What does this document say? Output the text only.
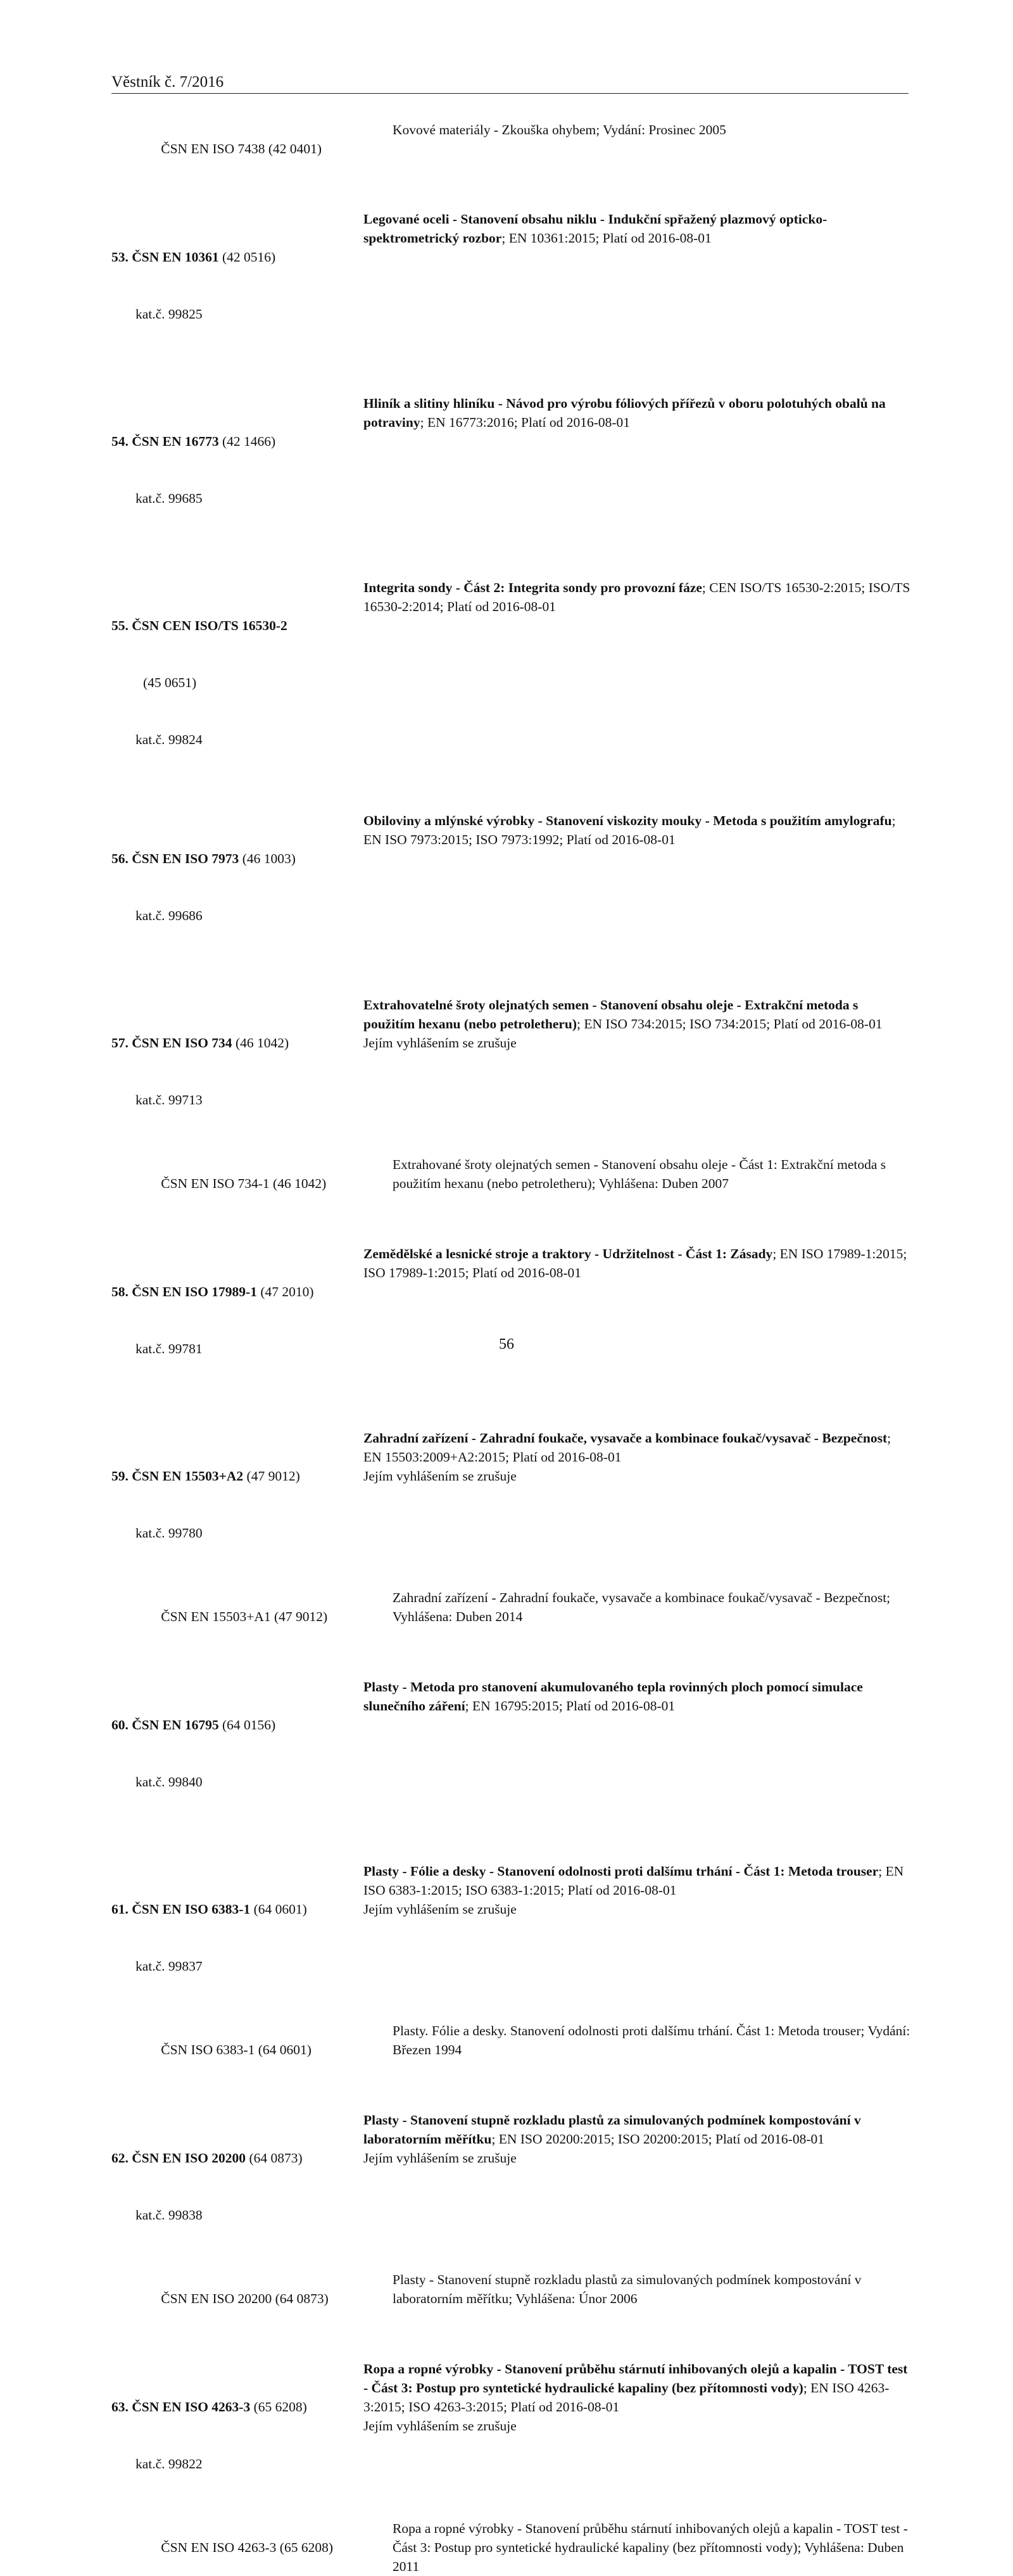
Věstník č. 7/2016

ČSN EN ISO 7438 (42 0401)

Kovové materiály - Zkouška ohybem; Vydání: Prosinec 2005

53. ČSN EN 10361 (42 0516)

kat.č. 99825

Legované oceli - Stanovení obsahu niklu - Indukční spřažený plazmový opticko-spektrometrický rozbor; EN 10361:2015; Platí od 2016-08-01

54. ČSN EN 16773 (42 1466)

kat.č. 99685

Hliník a slitiny hliníku - Návod pro výrobu fóliových přířezů v oboru polotuhých obalů na potraviny; EN 16773:2016; Platí od 2016-08-01

55. ČSN CEN ISO/TS 16530-2

(45 0651)

kat.č. 99824

Integrita sondy - Část 2: Integrita sondy pro provozní fáze; CEN ISO/TS 16530-2:2015; ISO/TS 16530-2:2014; Platí od 2016-08-01

56. ČSN EN ISO 7973 (46 1003)

kat.č. 99686

Obiloviny a mlýnské výrobky - Stanovení viskozity mouky - Metoda s použitím amylografu; EN ISO 7973:2015; ISO 7973:1992; Platí od 2016-08-01

57. ČSN EN ISO 734 (46 1042)

kat.č. 99713

Extrahovatelné šroty olejnatých semen - Stanovení obsahu oleje - Extrakční metoda s použitím hexanu (nebo petroletheru); EN ISO 734:2015; ISO 734:2015; Platí od 2016-08-01
Jejím vyhlášením se zrušuje

ČSN EN ISO 734-1 (46 1042)

Extrahované šroty olejnatých semen - Stanovení obsahu oleje - Část 1: Extrakční metoda s použitím hexanu (nebo petroletheru); Vyhlášena: Duben 2007

58. ČSN EN ISO 17989-1 (47 2010)

kat.č. 99781

Zemědělské a lesnické stroje a traktory - Udržitelnost - Část 1: Zásady; EN ISO 17989-1:2015; ISO 17989-1:2015; Platí od 2016-08-01

59. ČSN EN 15503+A2 (47 9012)

kat.č. 99780

Zahradní zařízení - Zahradní foukače, vysavače a kombinace foukač/vysavač - Bezpečnost; EN 15503:2009+A2:2015; Platí od 2016-08-01
Jejím vyhlášením se zrušuje

ČSN EN 15503+A1 (47 9012)

Zahradní zařízení - Zahradní foukače, vysavače a kombinace foukač/vysavač - Bezpečnost; Vyhlášena: Duben 2014

60. ČSN EN 16795 (64 0156)

kat.č. 99840

Plasty - Metoda pro stanovení akumulovaného tepla rovinných ploch pomocí simulace slunečního záření; EN 16795:2015; Platí od 2016-08-01

61. ČSN EN ISO 6383-1 (64 0601)

kat.č. 99837

Plasty - Fólie a desky - Stanovení odolnosti proti dalšímu trhání - Část 1: Metoda trouser; EN ISO 6383-1:2015; ISO 6383-1:2015; Platí od 2016-08-01
Jejím vyhlášením se zrušuje

ČSN ISO 6383-1 (64 0601)

Plasty. Fólie a desky. Stanovení odolnosti proti dalšímu trhání. Část 1: Metoda trouser; Vydání: Březen 1994

62. ČSN EN ISO 20200 (64 0873)

kat.č. 99838

Plasty - Stanovení stupně rozkladu plastů za simulovaných podmínek kompostování v laboratorním měřítku; EN ISO 20200:2015; ISO 20200:2015; Platí od 2016-08-01
Jejím vyhlášením se zrušuje

ČSN EN ISO 20200 (64 0873)

Plasty - Stanovení stupně rozkladu plastů za simulovaných podmínek kompostování v laboratorním měřítku; Vyhlášena: Únor 2006

63. ČSN EN ISO 4263-3 (65 6208)

kat.č. 99822

Ropa a ropné výrobky - Stanovení průběhu stárnutí inhibovaných olejů a kapalin - TOST test - Část 3: Postup pro syntetické hydraulické kapaliny (bez přítomnosti vody); EN ISO 4263-3:2015; ISO 4263-3:2015; Platí od 2016-08-01
Jejím vyhlášením se zrušuje

ČSN EN ISO 4263-3 (65 6208)

Ropa a ropné výrobky - Stanovení průběhu stárnutí inhibovaných olejů a kapalin - TOST test - Část 3: Postup pro syntetické hydraulické kapaliny (bez přítomnosti vody); Vyhlášena: Duben 2011
56
